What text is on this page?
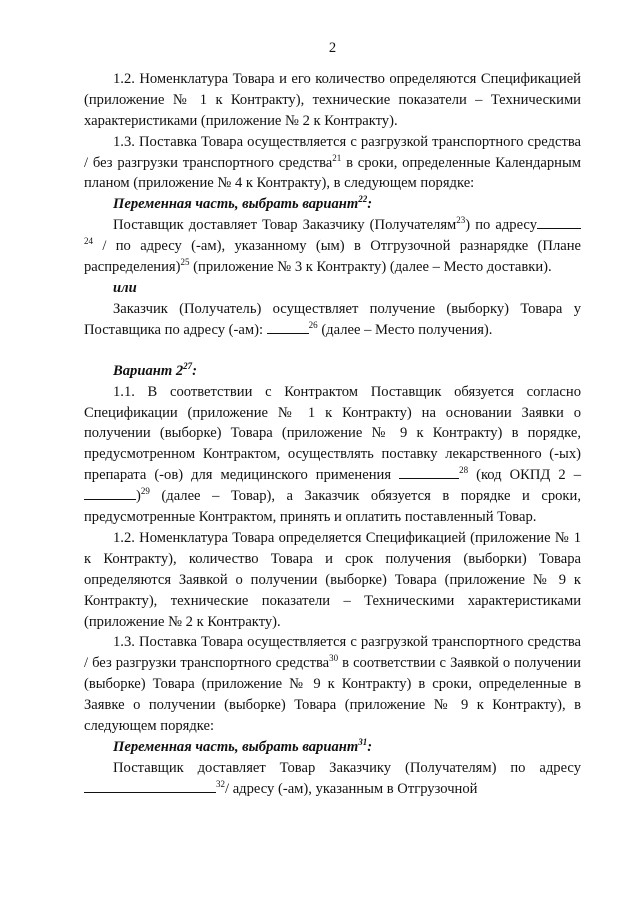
2

1.2. Номенклатура Товара и его количество определяются Спецификацией (приложение № 1 к Контракту), технические показатели – Техническими характеристиками (приложение № 2 к Контракту).

1.3. Поставка Товара осуществляется с разгрузкой транспортного средства / без разгрузки транспортного средства$^{21}$ в сроки, определенные Календарным планом (приложение № 4 к Контракту), в следующем порядке:

Переменная часть, выбрать вариант$^{22}$:

Поставщик доставляет Товар Заказчику (Получателям$^{23}$) по адресу$^{24}$ / по адресу (-ам), указанному (ым) в Отгрузочной разнарядке (Плане распределения)$^{25}$ (приложение № 3 к Контракту) (далее – Место доставки).

или

Заказчик (Получатель) осуществляет получение (выборку) Товара у Поставщика по адресу (-ам):	$^{26}$ (далее – Место получения).

Вариант $2^{27}$:

1.1. В соответствии с Контрактом Поставщик обязуется согласно Спецификации (приложение № 1 к Контракту) на основании Заявки о получении (выборке) Товара (приложение № 9 к Контракту) в порядке, предусмотренном Контрактом, осуществлять поставку лекарственного (-ых) препарата (-ов) для медицинского применения	$^{28}$ (код ОКПД 2 – )$^{29}$ (далее – Товар), а Заказчик обязуется в порядке и сроки, предусмотренные Контрактом, принять и оплатить поставленный Товар.

1.2. Номенклатура Товара определяется Спецификацией (приложение № 1 к Контракту), количество Товара и срок получения (выборки) Товара определяются Заявкой о получении (выборке) Товара (приложение № 9 к Контракту), технические показатели – Техническими характеристиками (приложение № 2 к Контракту).

1.3. Поставка Товара осуществляется с разгрузкой транспортного средства / без разгрузки транспортного средства$^{30}$ в соответствии с Заявкой о получении (выборке) Товара (приложение № 9 к Контракту) в сроки, определенные в Заявке о получении (выборке) Товара (приложение № 9 к Контракту), в следующем порядке:

Переменная часть, выбрать вариант$^{31}$:

Поставщик доставляет Товар Заказчику (Получателям) по адресу $^{32}$/ адресу (-ам), указанным в Отгрузочной
